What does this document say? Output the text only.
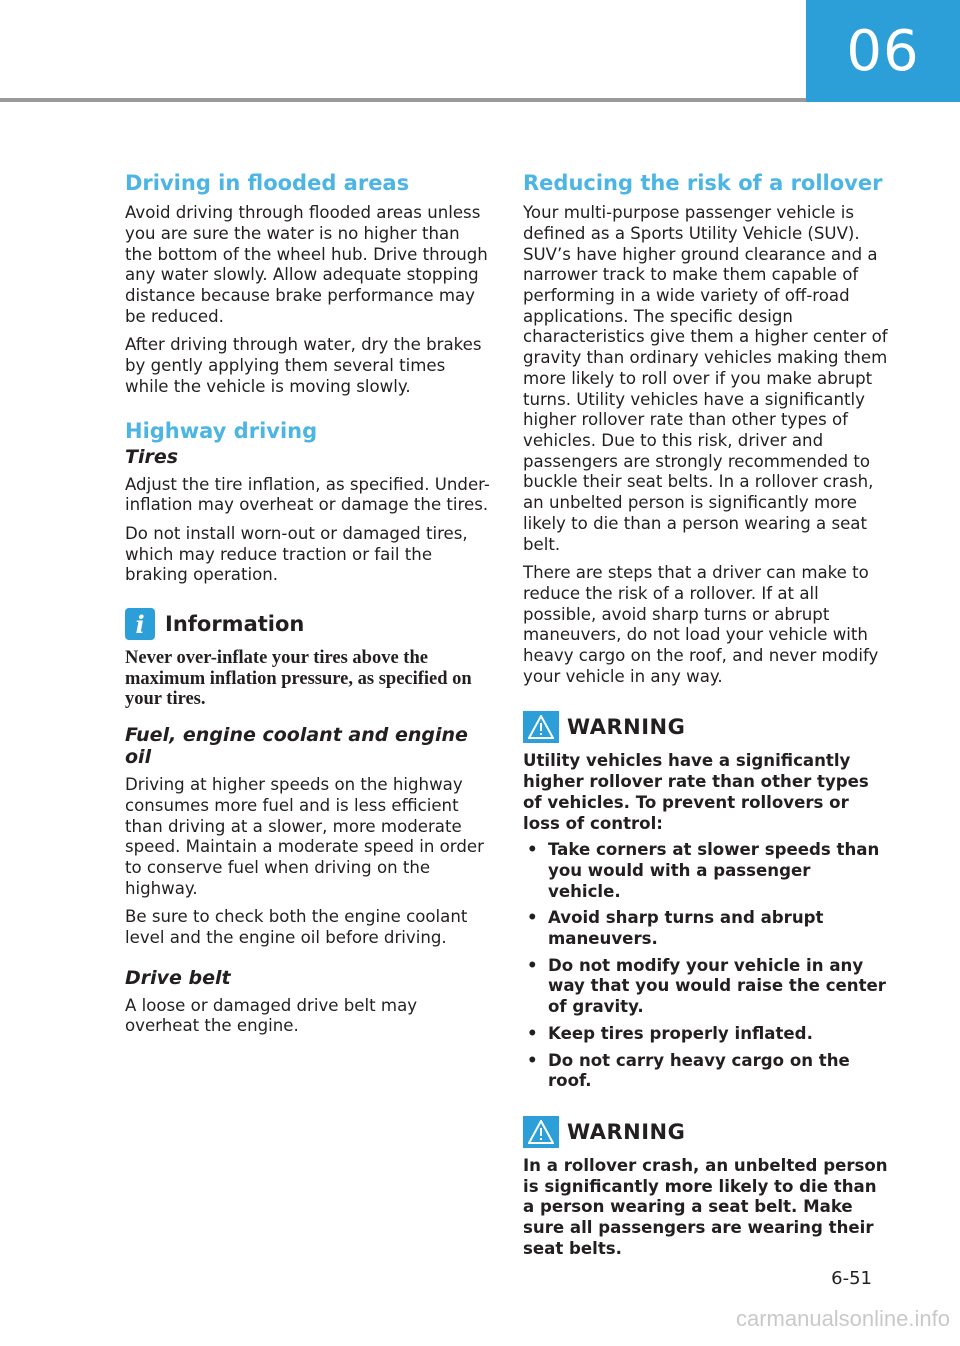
06
Driving in flooded areas

Avoid driving through flooded areas unless you are sure the water is no higher than the bottom of the wheel hub. Drive through any water slowly. Allow adequate stopping distance because brake performance may be reduced.

After driving through water, dry the brakes by gently applying them several times while the vehicle is moving slowly.

Highway driving
Tires

Adjust the tire inflation, as specified. Under-inflation may overheat or damage the tires.

Do not install worn-out or damaged tires, which may reduce traction or fail the braking operation.

i Information

Never over-inflate your tires above the maximum inflation pressure, as specified on your tires.

Fuel, engine coolant and engine oil

Driving at higher speeds on the highway consumes more fuel and is less efficient than driving at a slower, more moderate speed. Maintain a moderate speed in order to conserve fuel when driving on the highway.

Be sure to check both the engine coolant level and the engine oil before driving.

Drive belt

A loose or damaged drive belt may overheat the engine.

Reducing the risk of a rollover

Your multi-purpose passenger vehicle is defined as a Sports Utility Vehicle (SUV). SUV’s have higher ground clearance and a narrower track to make them capable of performing in a wide variety of off-road applications. The specific design characteristics give them a higher center of gravity than ordinary vehicles making them more likely to roll over if you make abrupt turns. Utility vehicles have a significantly higher rollover rate than other types of vehicles. Due to this risk, driver and passengers are strongly recommended to buckle their seat belts. In a rollover crash, an unbelted person is significantly more likely to die than a person wearing a seat belt.

There are steps that a driver can make to reduce the risk of a rollover. If at all possible, avoid sharp turns or abrupt maneuvers, do not load your vehicle with heavy cargo on the roof, and never modify your vehicle in any way.

WARNING

Utility vehicles have a significantly higher rollover rate than other types of vehicles. To prevent rollovers or loss of control:

• Take corners at slower speeds than you would with a passenger vehicle.
• Avoid sharp turns and abrupt maneuvers.
• Do not modify your vehicle in any way that you would raise the center of gravity.
• Keep tires properly inflated.
• Do not carry heavy cargo on the roof.
WARNING

In a rollover crash, an unbelted person is significantly more likely to die than a person wearing a seat belt. Make sure all passengers are wearing their seat belts.

6-51
carmanualsonline.info
